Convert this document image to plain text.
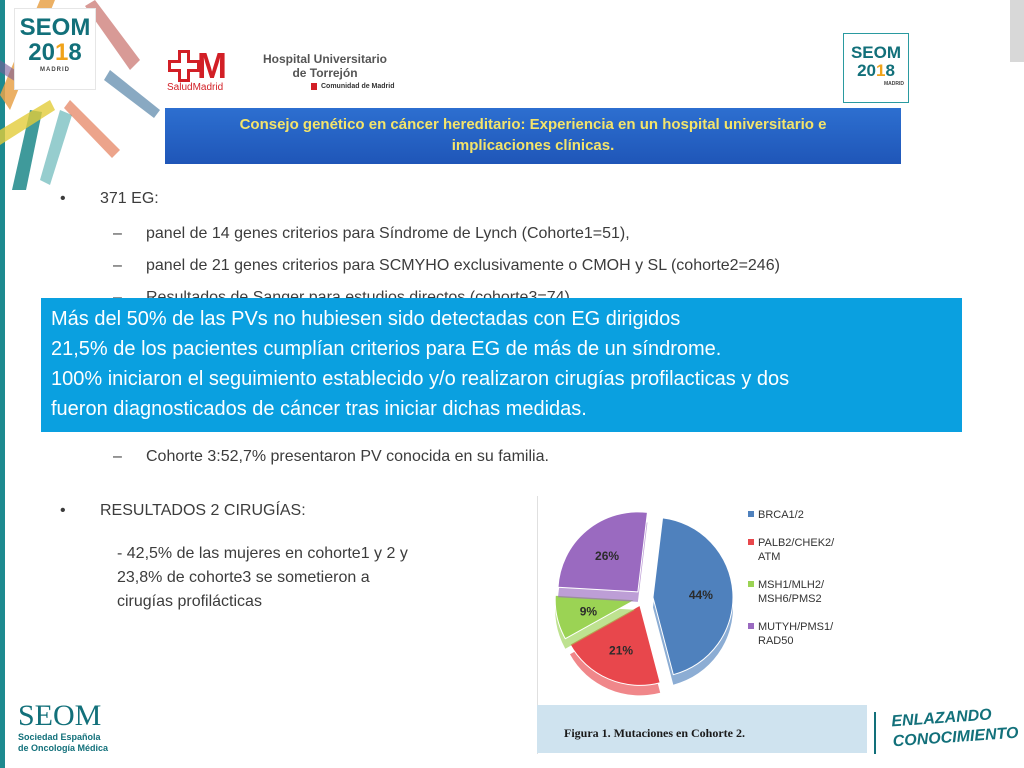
SEOM
2018
MADRID	M
SaludMadrid
Hospital Universitario
de Torrejón
Comunidad de Madrid
SEOM
2018
MADRID
Consejo genético en cáncer hereditario: Experiencia en un hospital universitario e
implicaciones clínicas.
• 371 EG:
– panel de 14 genes criterios para Síndrome de Lynch (Cohorte1=51),
– panel de 21 genes criterios para SCMYHO exclusivamente o CMOH y SL (cohorte2=246)
– Cohorte 3:52,7% presentaron PV conocida en su familia.
• RESULTADOS 2 CIRUGÍAS:
- 42,5% de las mujeres en cohorte1 y 2 y
23,8% de cohorte3 se sometieron a
cirugías profilácticas
Más del 50% de las PVs no hubiesen sido detectadas con EG dirigidos
21,5% de los pacientes cumplían criterios para EG de más de un síndrome.
100% iniciaron el seguimiento establecido y/o realizaron cirugías profilacticas y dos
fueron diagnosticados de cáncer tras iniciar dichas medidas.
44%
21%
9%
26%
BRCA1/2
PALB2/CHEK2/
ATM
MSH1/MLH2/
MSH6/PMS2
MUTYH/PMS1/
RAD50
Figura 1. Mutaciones en Cohorte 2.
SEOM
Sociedad Española
de Oncología Médica
ENLAZANDO
CONOCIMIENTO
